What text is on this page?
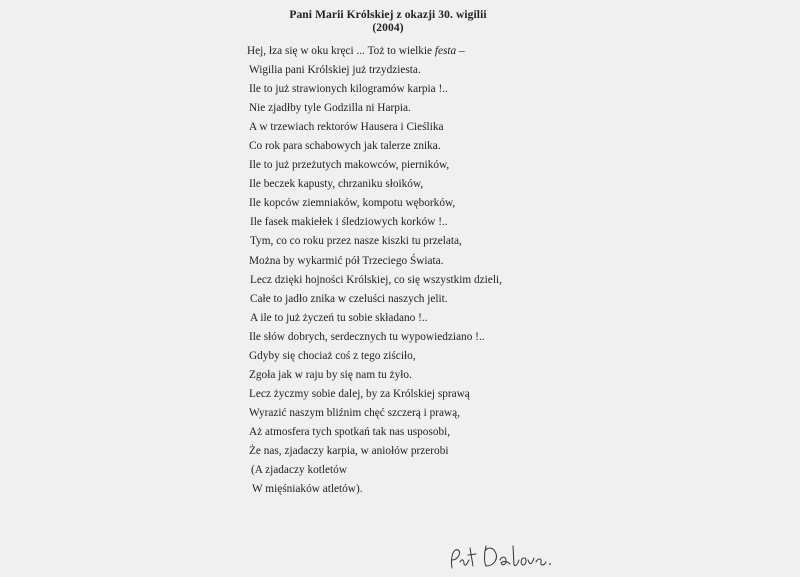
Pani Marii Królskiej z okazji 30. wigilii
(2004)
Hej, łza się w oku kręci ... Toż to wielkie festa –
Wigilia pani Królskiej już trzydziesta.
Ile to już strawionych kilogramów karpia !..
Nie zjadłby tyle Godzilla ni Harpia.
A w trzewiach rektorów Hausera i Cieślika
Co rok para schabowych jak talerze znika.
Ile to już przeżutych makowców, pierników,
Ile beczek kapusty, chrzaniku słoików,
Ile kopców ziemniaków, kompotu węborków,
Ile fasek makiełek i śledziowych korków !..
Tym, co co roku przez nasze kiszki tu przelata,
Można by wykarmić pół Trzeciego Świata.
Lecz dzięki hojności Królskiej, co się wszystkim dzieli,
Całe to jadło znika w czeluści naszych jelit.
A ile to już życzeń tu sobie składano !..
Ile słów dobrych, serdecznych tu wypowiedziano !..
Gdyby się chociaż coś z tego ziściło,
Zgoła jak w raju by się nam tu żyło.
Lecz życzmy sobie dalej, by za Królskiej sprawą
Wyrazić naszym bliźnim chęć szczerą i prawą,
Aż atmosfera tych spotkań tak nas usposobi,
Że nas, zjadaczy karpia, w aniołów przerobi
(A zjadaczy kotletów
W mięśniaków atletów).
